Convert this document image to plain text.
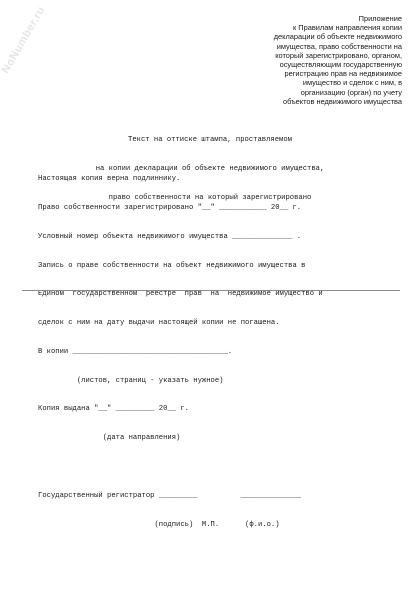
NoNumber.ru	Приложение
к Правилам направления копии
декларации об объекте недвижимого
имущества, право собственности на
который зарегистрировано, органом,
осуществляющим государственную
регистрацию прав на недвижимое
имущество и сделок с ним, в
организацию (орган) по учету
объектов недвижимого имущества

Текст на оттиске штампа, проставляемом

на копии декларации об объекте недвижимого имущества,

право собственности на который зарегистрировано

Настоящая копия верна подлиннику.

Право собственности зарегистрировано "__" ___________ 20__ г.

Условный номер объекта недвижимого имущества ______________ .

Запись о праве собственности на объект недвижимого имущества в

Едином  государственном  реестре  прав  на  недвижимое имущество и

сделок с ним на дату выдачи настоящей копии не погашена.

В копии ____________________________________.

(листов, страниц - указать нужное)

Копия выдана "__" _________ 20__ г.

(дата направления)

Государственный регистратор _________          ______________

(подпись)  М.П.      (ф.и.о.)
